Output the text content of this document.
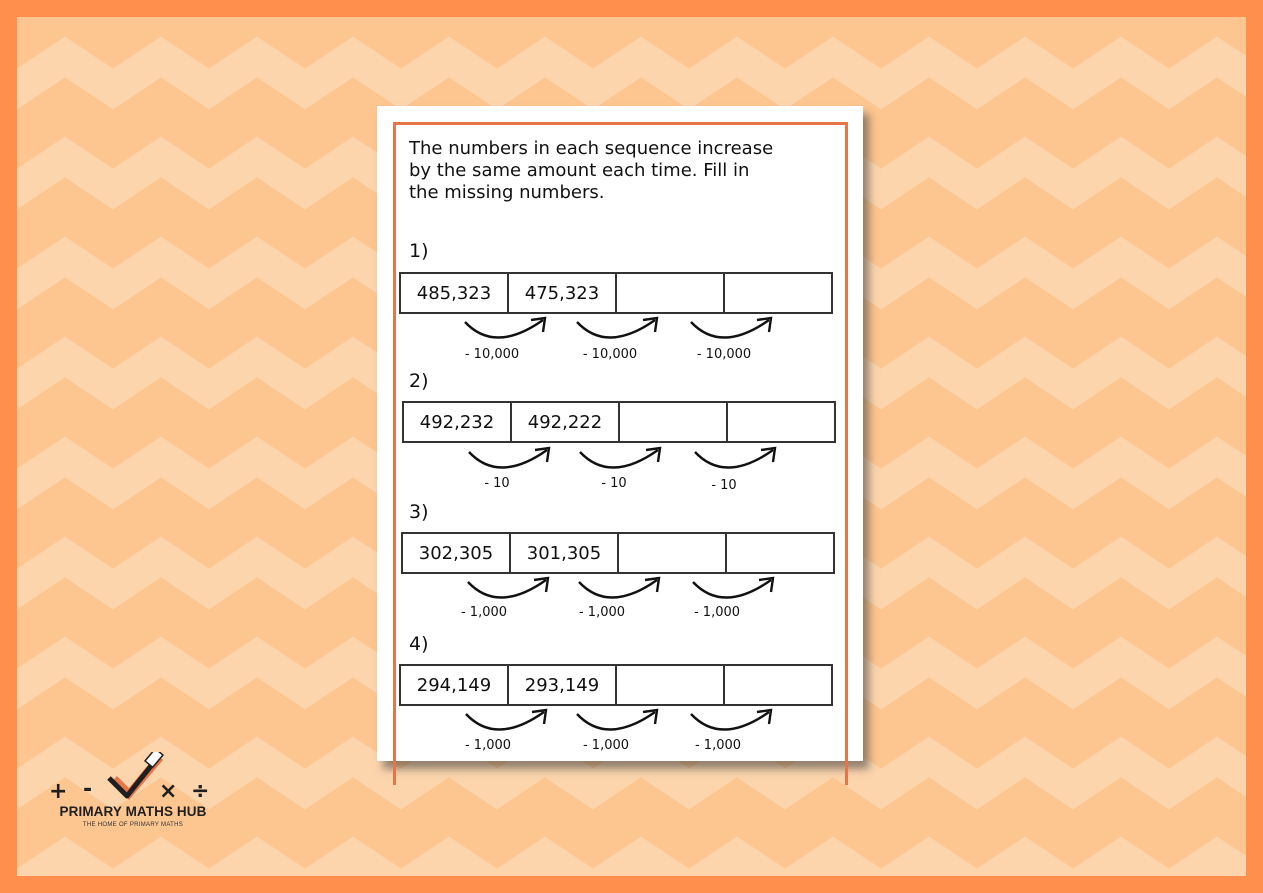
The numbers in each sequence increase
by the same amount each time. Fill in
the missing numbers.
1)
485,323	475,323
- 10,000	- 10,000	- 10,000
2)
492,232	492,222
- 10	- 10	- 10
3)
302,305	301,305
- 1,000	- 1,000	- 1,000
4)
294,149	293,149
- 1,000	- 1,000	- 1,000
+ -	× ÷
PRIMARY MATHS HUB
THE HOME OF PRIMARY MATHS
